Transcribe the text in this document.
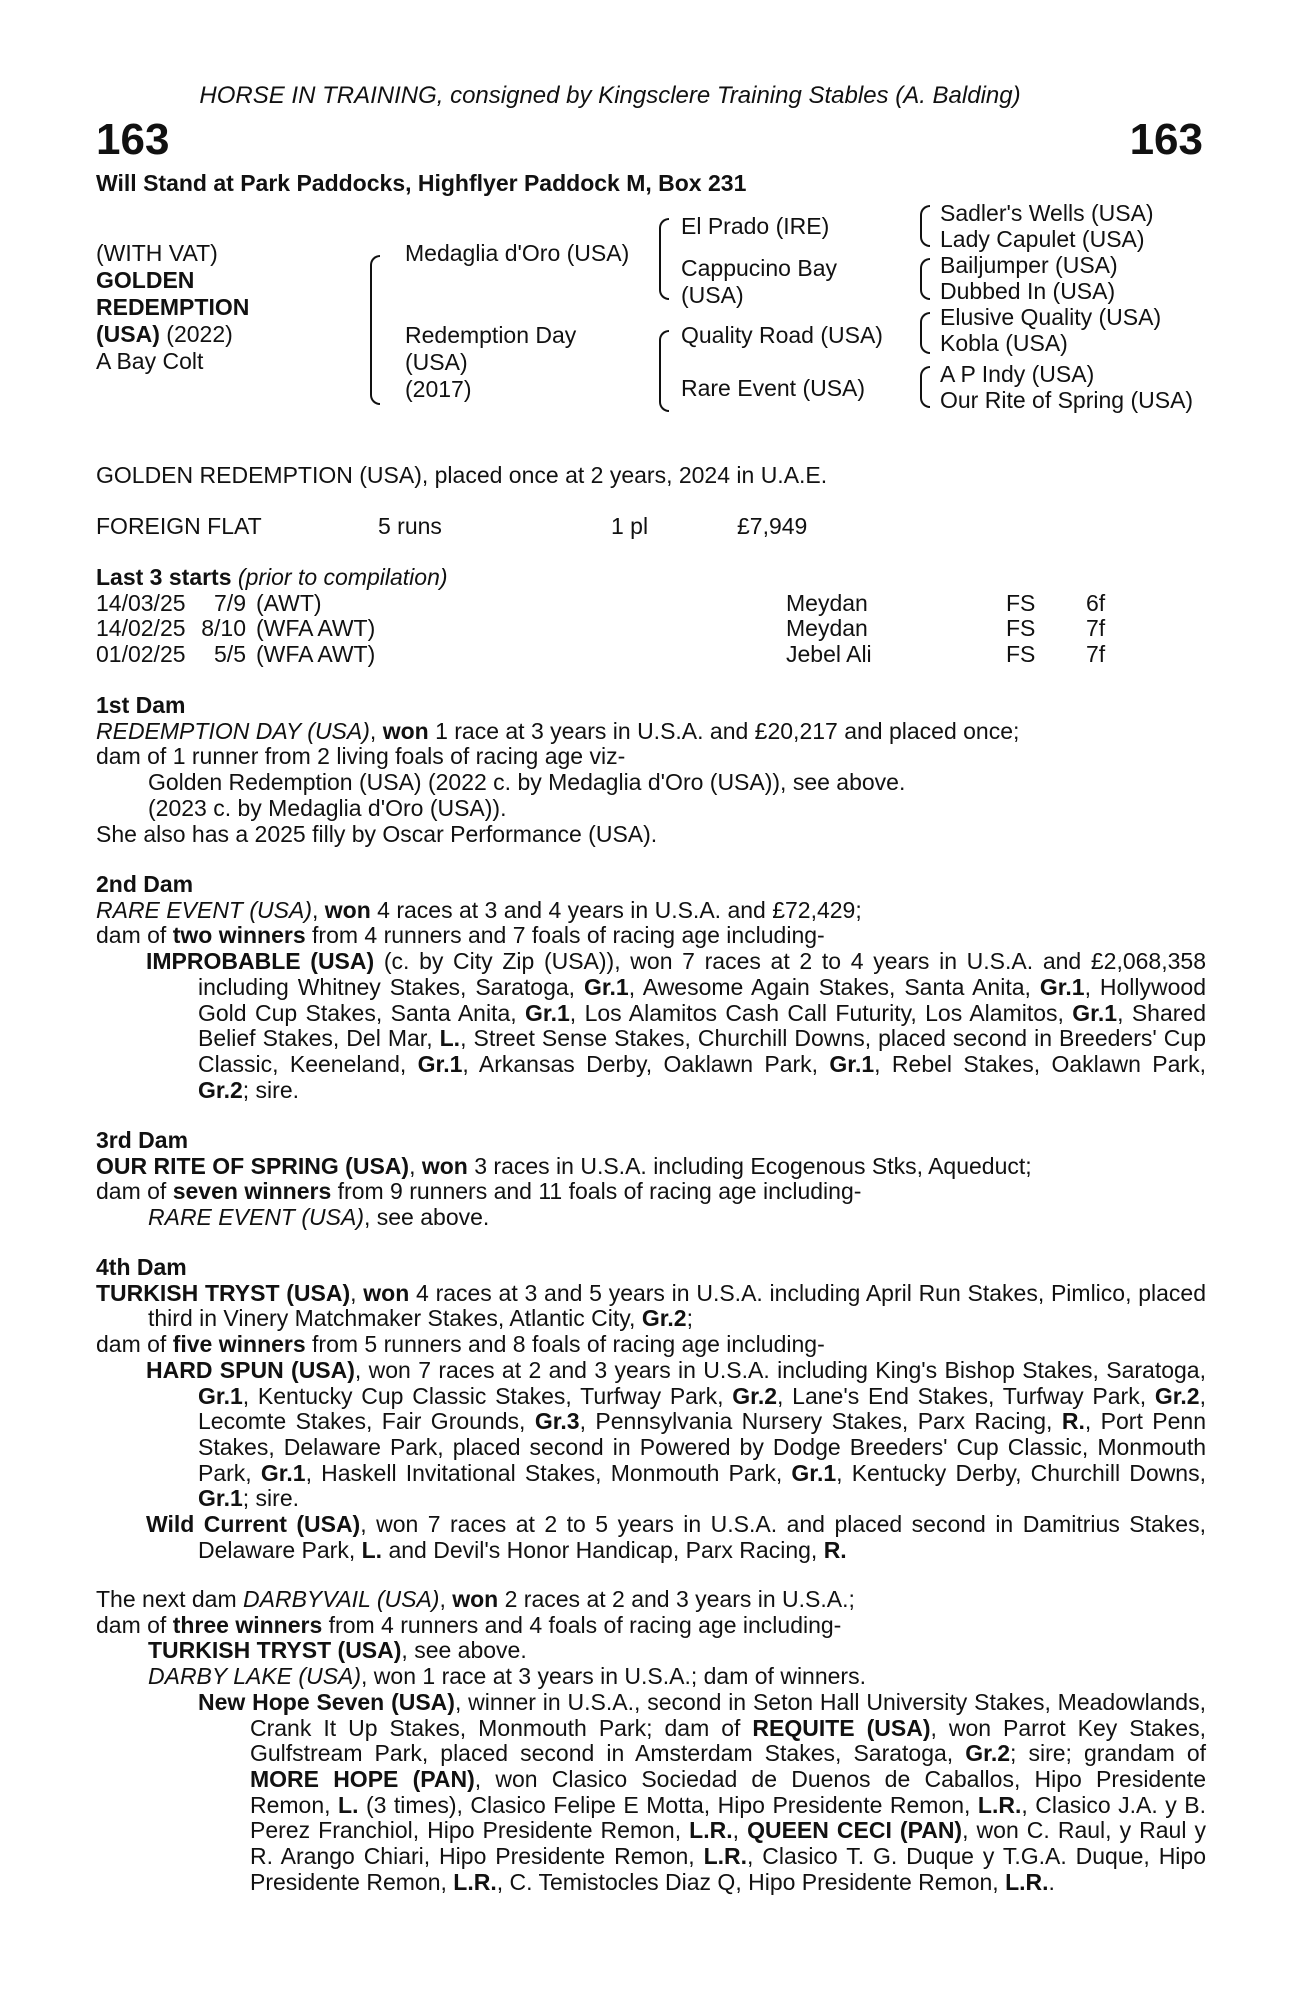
HORSE IN TRAINING, consigned by Kingsclere Training Stables (A. Balding)
163	163
Will Stand at Park Paddocks, Highflyer Paddock M, Box 231
(WITH VAT)
GOLDEN
REDEMPTION
(USA) (2022)
A Bay Colt
Medaglia d'Oro (USA)
Redemption Day
(USA)
(2017)
El Prado (IRE)
Cappucino Bay
(USA)
Quality Road (USA)
Rare Event (USA)
Sadler's Wells (USA)
Lady Capulet (USA)
Bailjumper (USA)
Dubbed In (USA)
Elusive Quality (USA)
Kobla (USA)
A P Indy (USA)
Our Rite of Spring (USA)
GOLDEN REDEMPTION (USA), placed once at 2 years, 2024 in U.A.E.
FOREIGN FLAT	5 runs	1 pl	£7,949
Last 3 starts (prior to compilation)
14/03/25	7/9 (AWT)	Meydan	FS	6f
14/02/25 8/10 (WFA AWT)	Meydan	FS	7f
01/02/25	5/5 (WFA AWT)	Jebel Ali	FS	7f
1st Dam
REDEMPTION DAY (USA), won 1 race at 3 years in U.S.A. and £20,217 and placed once;
dam of 1 runner from 2 living foals of racing age viz-
Golden Redemption (USA) (2022 c. by Medaglia d'Oro (USA)), see above.
(2023 c. by Medaglia d'Oro (USA)).
She also has a 2025 filly by Oscar Performance (USA).
2nd Dam
RARE EVENT (USA), won 4 races at 3 and 4 years in U.S.A. and £72,429;
dam of two winners from 4 runners and 7 foals of racing age including-
IMPROBABLE (USA) (c. by City Zip (USA)), won 7 races at 2 to 4 years in U.S.A. and £2,068,358 including Whitney Stakes, Saratoga, Gr.1, Awesome Again Stakes, Santa Anita, Gr.1, Hollywood Gold Cup Stakes, Santa Anita, Gr.1, Los Alamitos Cash Call Futurity, Los Alamitos, Gr.1, Shared Belief Stakes, Del Mar, L., Street Sense Stakes, Churchill Downs, placed second in Breeders' Cup Classic, Keeneland, Gr.1, Arkansas Derby, Oaklawn Park, Gr.1, Rebel Stakes, Oaklawn Park, Gr.2; sire.
3rd Dam
OUR RITE OF SPRING (USA), won 3 races in U.S.A. including Ecogenous Stks, Aqueduct;
dam of seven winners from 9 runners and 11 foals of racing age including-
RARE EVENT (USA), see above.
4th Dam
TURKISH TRYST (USA), won 4 races at 3 and 5 years in U.S.A. including April Run Stakes, Pimlico, placed third in Vinery Matchmaker Stakes, Atlantic City, Gr.2;
dam of five winners from 5 runners and 8 foals of racing age including-
HARD SPUN (USA), won 7 races at 2 and 3 years in U.S.A. including King's Bishop Stakes, Saratoga, Gr.1, Kentucky Cup Classic Stakes, Turfway Park, Gr.2, Lane's End Stakes, Turfway Park, Gr.2, Lecomte Stakes, Fair Grounds, Gr.3, Pennsylvania Nursery Stakes, Parx Racing, R., Port Penn Stakes, Delaware Park, placed second in Powered by Dodge Breeders' Cup Classic, Monmouth Park, Gr.1, Haskell Invitational Stakes, Monmouth Park, Gr.1, Kentucky Derby, Churchill Downs, Gr.1; sire.
Wild Current (USA), won 7 races at 2 to 5 years in U.S.A. and placed second in Damitrius Stakes, Delaware Park, L. and Devil's Honor Handicap, Parx Racing, R.
The next dam DARBYVAIL (USA), won 2 races at 2 and 3 years in U.S.A.;
dam of three winners from 4 runners and 4 foals of racing age including-
TURKISH TRYST (USA), see above.
DARBY LAKE (USA), won 1 race at 3 years in U.S.A.; dam of winners.
New Hope Seven (USA), winner in U.S.A., second in Seton Hall University Stakes, Meadowlands, Crank It Up Stakes, Monmouth Park; dam of REQUITE (USA), won Parrot Key Stakes, Gulfstream Park, placed second in Amsterdam Stakes, Saratoga, Gr.2; sire; grandam of MORE HOPE (PAN), won Clasico Sociedad de Duenos de Caballos, Hipo Presidente Remon, L. (3 times), Clasico Felipe E Motta, Hipo Presidente Remon, L.R., Clasico J.A. y B. Perez Franchiol, Hipo Presidente Remon, L.R., QUEEN CECI (PAN), won C. Raul, y Raul y R. Arango Chiari, Hipo Presidente Remon, L.R., Clasico T. G. Duque y T.G.A. Duque, Hipo Presidente Remon, L.R., C. Temistocles Diaz Q, Hipo Presidente Remon, L.R..
